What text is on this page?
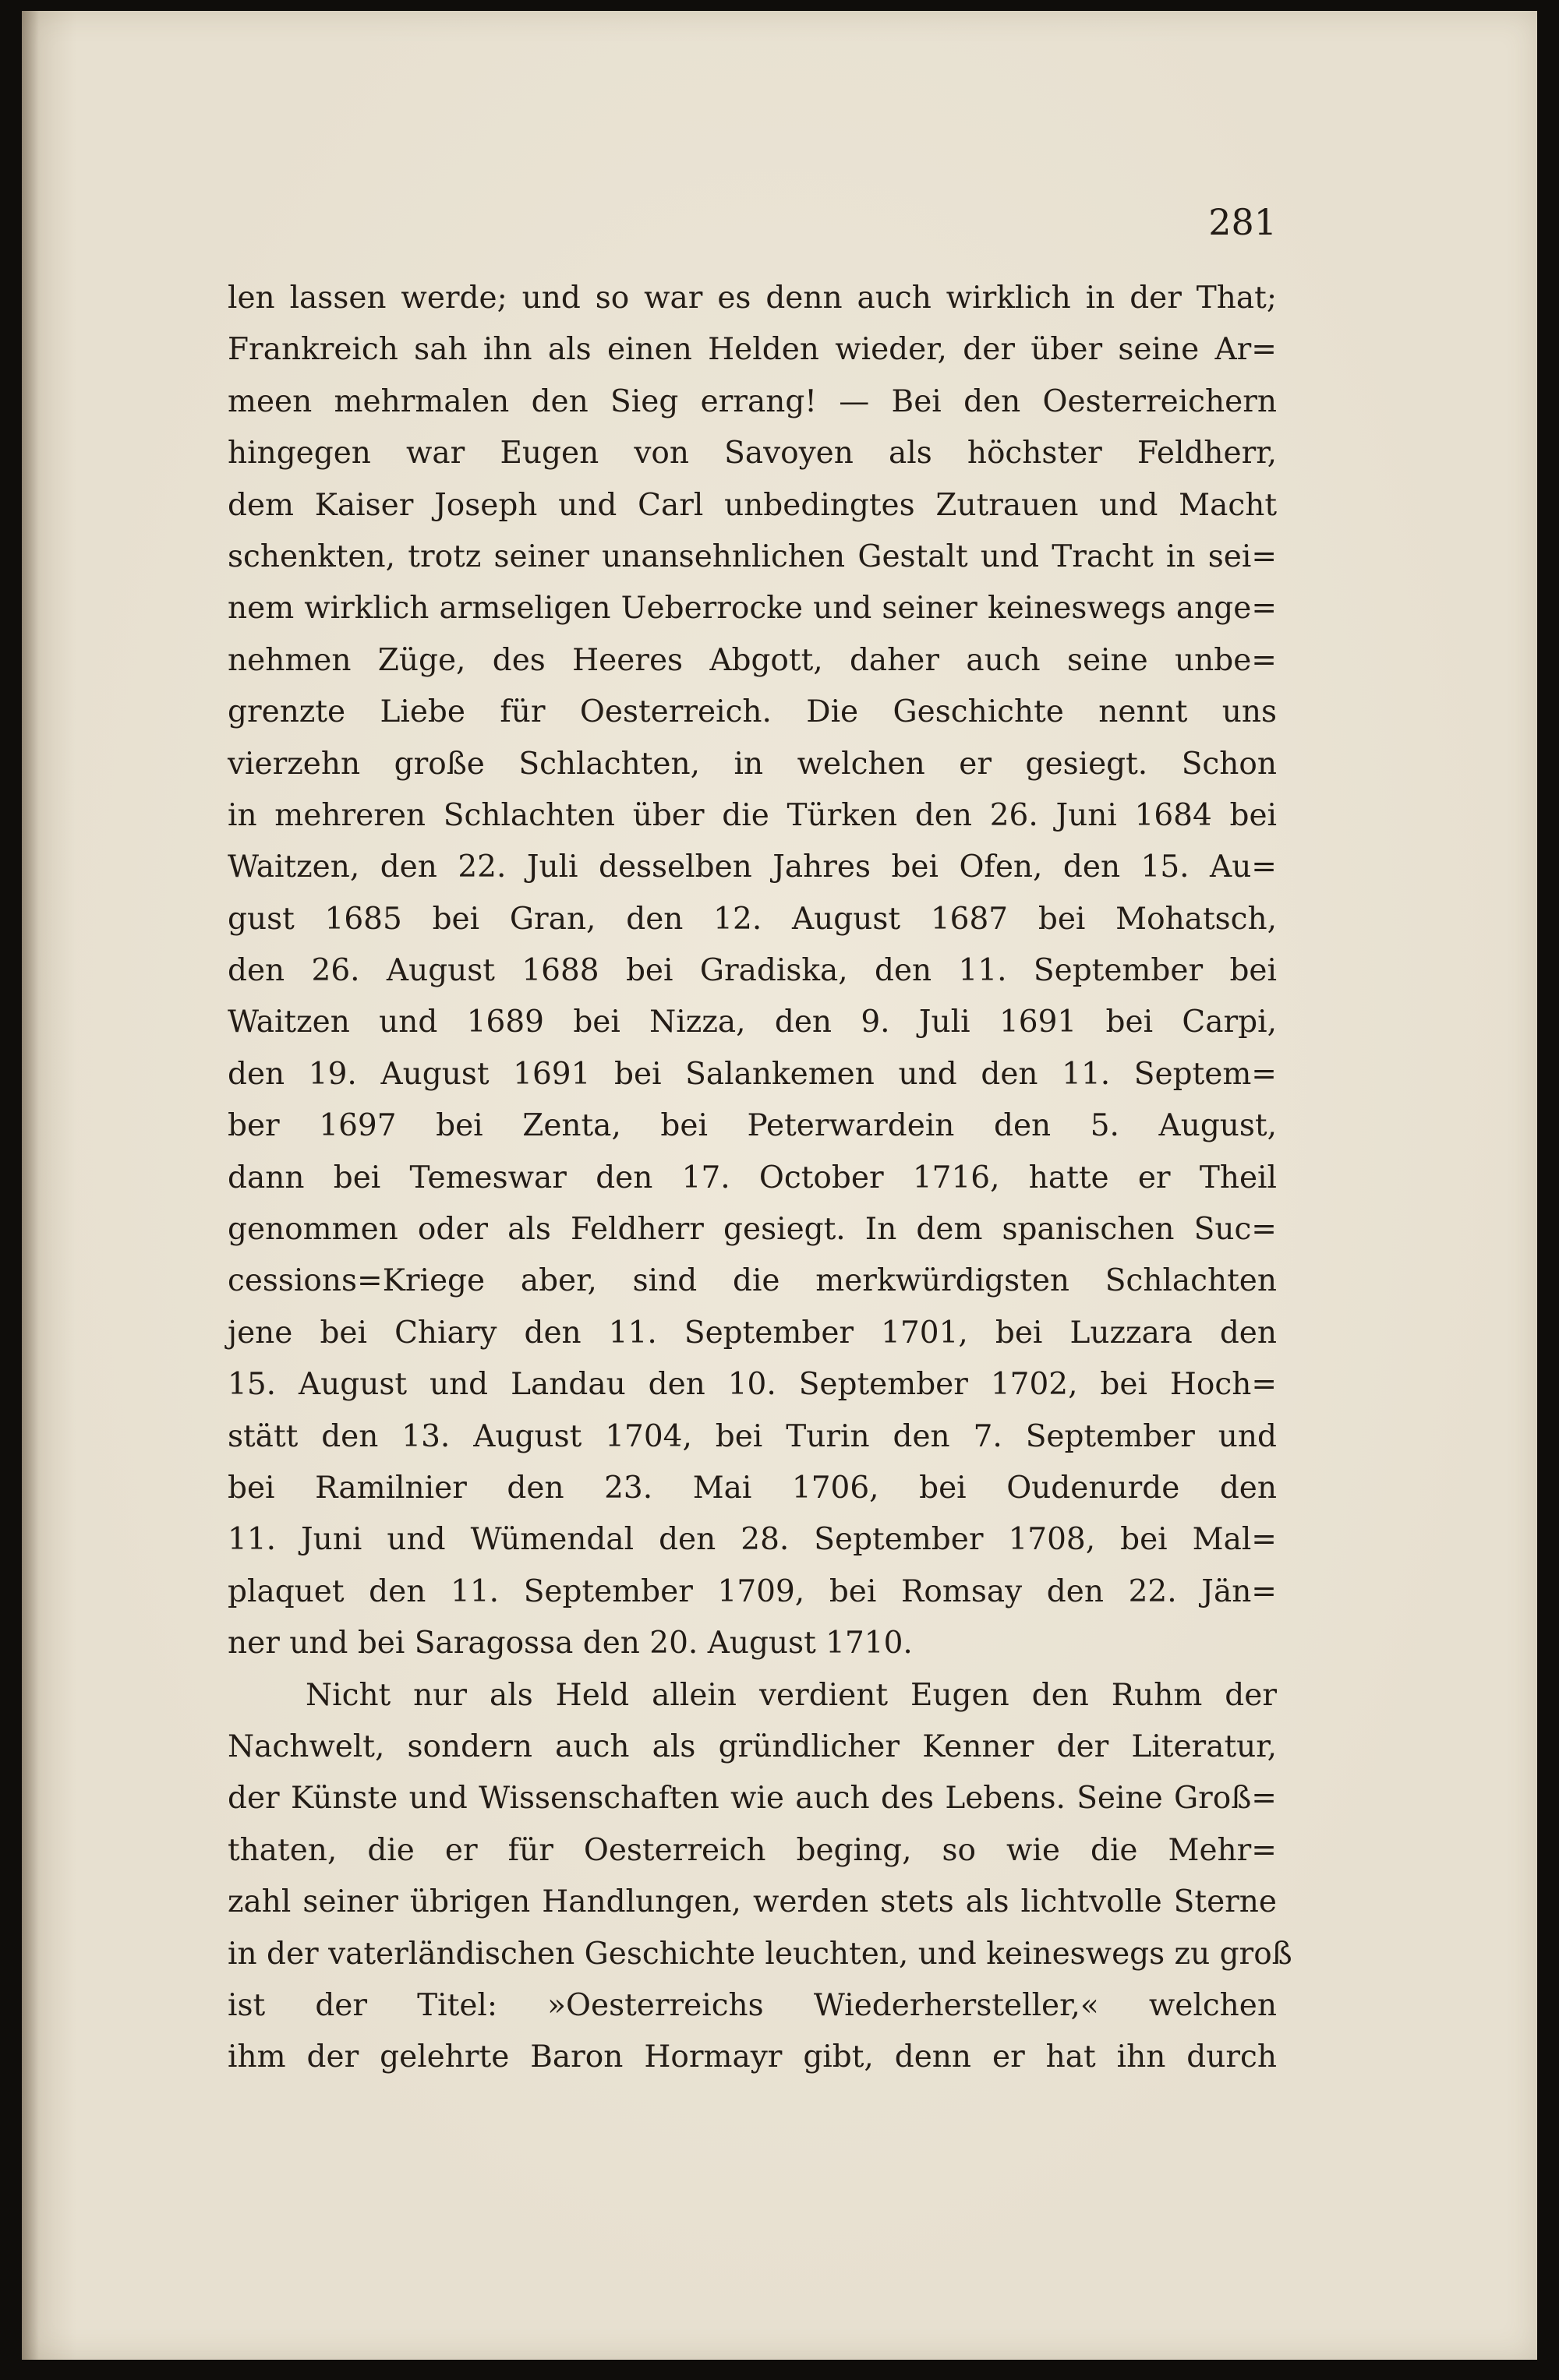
281
len lassen werde; und so war es denn auch wirklich in der That;
Frankreich sah ihn als einen Helden wieder, der über seine Ar=
meen mehrmalen den Sieg errang! — Bei den Oesterreichern
hingegen war Eugen von Savoyen als höchster Feldherr,
dem Kaiser Joseph und Carl unbedingtes Zutrauen und Macht
schenkten, trotz seiner unansehnlichen Gestalt und Tracht in sei=
nem wirklich armseligen Ueberrocke und seiner keineswegs ange=
nehmen Züge, des Heeres Abgott, daher auch seine unbe=
grenzte Liebe für Oesterreich. Die Geschichte nennt uns
vierzehn große Schlachten, in welchen er gesiegt. Schon
in mehreren Schlachten über die Türken den 26. Juni 1684 bei
Waitzen, den 22. Juli desselben Jahres bei Ofen, den 15. Au=
gust 1685 bei Gran, den 12. August 1687 bei Mohatsch,
den 26. August 1688 bei Gradiska, den 11. September bei
Waitzen und 1689 bei Nizza, den 9. Juli 1691 bei Carpi,
den 19. August 1691 bei Salankemen und den 11. Septem=
ber 1697 bei Zenta, bei Peterwardein den 5. August,
dann bei Temeswar den 17. October 1716, hatte er Theil
genommen oder als Feldherr gesiegt. In dem spanischen Suc=
cessions=Kriege aber, sind die merkwürdigsten Schlachten
jene bei Chiary den 11. September 1701, bei Luzzara den
15. August und Landau den 10. September 1702, bei Hoch=
stätt den 13. August 1704, bei Turin den 7. September und
bei Ramilnier den 23. Mai 1706, bei Oudenurde den
11. Juni und Wümendal den 28. September 1708, bei Mal=
plaquet den 11. September 1709, bei Romsay den 22. Jän=
ner und bei Saragossa den 20. August 1710.
Nicht nur als Held allein verdient Eugen den Ruhm der
Nachwelt, sondern auch als gründlicher Kenner der Literatur,
der Künste und Wissenschaften wie auch des Lebens. Seine Groß=
thaten, die er für Oesterreich beging, so wie die Mehr=
zahl seiner übrigen Handlungen, werden stets als lichtvolle Sterne
in der vaterländischen Geschichte leuchten, und keineswegs zu groß
ist der Titel: »Oesterreichs Wiederhersteller,« welchen
ihm der gelehrte Baron Hormayr gibt, denn er hat ihn durch
